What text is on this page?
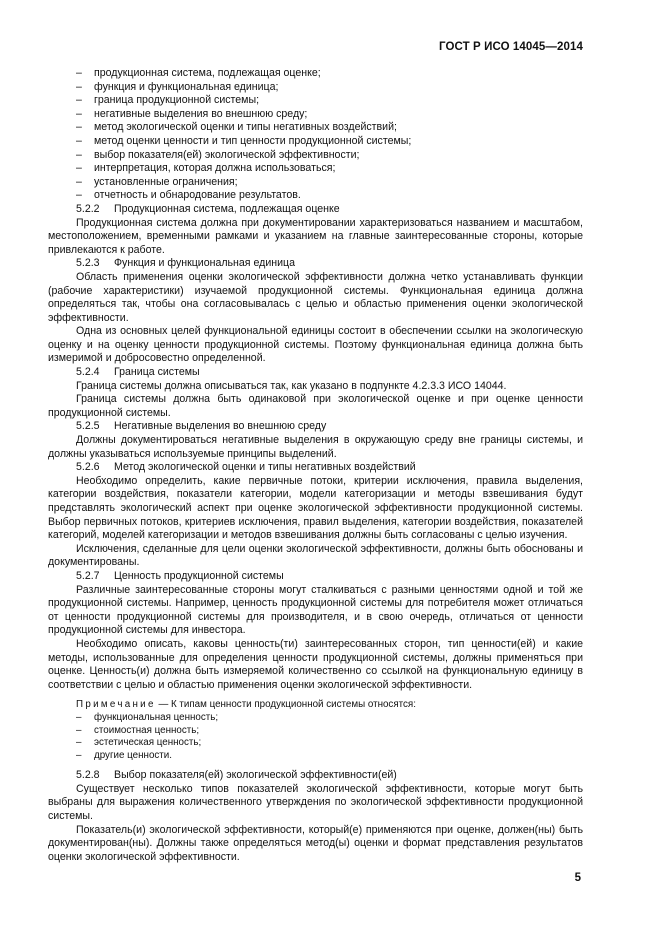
ГОСТ Р ИСО 14045—2014
– продукционная система, подлежащая оценке;
– функция и функциональная единица;
– граница продукционной системы;
– негативные выделения во внешнюю среду;
– метод экологической оценки и типы негативных воздействий;
– метод оценки ценности и тип ценности продукционной системы;
– выбор показателя(ей) экологической эффективности;
– интерпретация, которая должна использоваться;
– установленные ограничения;
– отчетность и обнародование результатов.
5.2.2 Продукционная система, подлежащая оценке
Продукционная система должна при документировании характеризоваться названием и масштабом, местоположением, временными рамками и указанием на главные заинтересованные стороны, которые привлекаются к работе.
5.2.3 Функция и функциональная единица
Область применения оценки экологической эффективности должна четко устанавливать функции (рабочие характеристики) изучаемой продукционной системы. Функциональная единица должна определяться так, чтобы она согласовывалась с целью и областью применения оценки экологической эффективности.
Одна из основных целей функциональной единицы состоит в обеспечении ссылки на экологическую оценку и на оценку ценности продукционной системы. Поэтому функциональная единица должна быть измеримой и добросовестно определенной.
5.2.4 Граница системы
Граница системы должна описываться так, как указано в подпункте 4.2.3.3 ИСО 14044.
Граница системы должна быть одинаковой при экологической оценке и при оценке ценности продукционной системы.
5.2.5 Негативные выделения во внешнюю среду
Должны документироваться негативные выделения в окружающую среду вне границы системы, и должны указываться используемые принципы выделений.
5.2.6 Метод экологической оценки и типы негативных воздействий
Необходимо определить, какие первичные потоки, критерии исключения, правила выделения, категории воздействия, показатели категории, модели категоризации и методы взвешивания будут представлять экологический аспект при оценке экологической эффективности продукционной системы. Выбор первичных потоков, критериев исключения, правил выделения, категории воздействия, показателей категорий, моделей категоризации и методов взвешивания должны быть согласованы с целью изучения.
Исключения, сделанные для цели оценки экологической эффективности, должны быть обоснованы и документированы.
5.2.7 Ценность продукционной системы
Различные заинтересованные стороны могут сталкиваться с разными ценностями одной и той же продукционной системы. Например, ценность продукционной системы для потребителя может отличаться от ценности продукционной системы для производителя, и в свою очередь, отличаться от ценности продукционной системы для инвестора.
Необходимо описать, каковы ценность(ти) заинтересованных сторон, тип ценности(ей) и какие методы, использованные для определения ценности продукционной системы, должны применяться при оценке. Ценность(и) должна быть измеряемой количественно со ссылкой на функциональную единицу в соответствии с целью и областью применения оценки экологической эффективности.
Примечание — К типам ценности продукционной системы относятся:
– функциональная ценность;
– стоимостная ценность;
– эстетическая ценность;
– другие ценности.
5.2.8 Выбор показателя(ей) экологической эффективности(ей)
Существует несколько типов показателей экологической эффективности, которые могут быть выбраны для выражения количественного утверждения по экологической эффективности продукционной системы.
Показатель(и) экологической эффективности, который(е) применяются при оценке, должен(ны) быть документирован(ны). Должны также определяться метод(ы) оценки и формат представления результатов оценки экологической эффективности.
5
